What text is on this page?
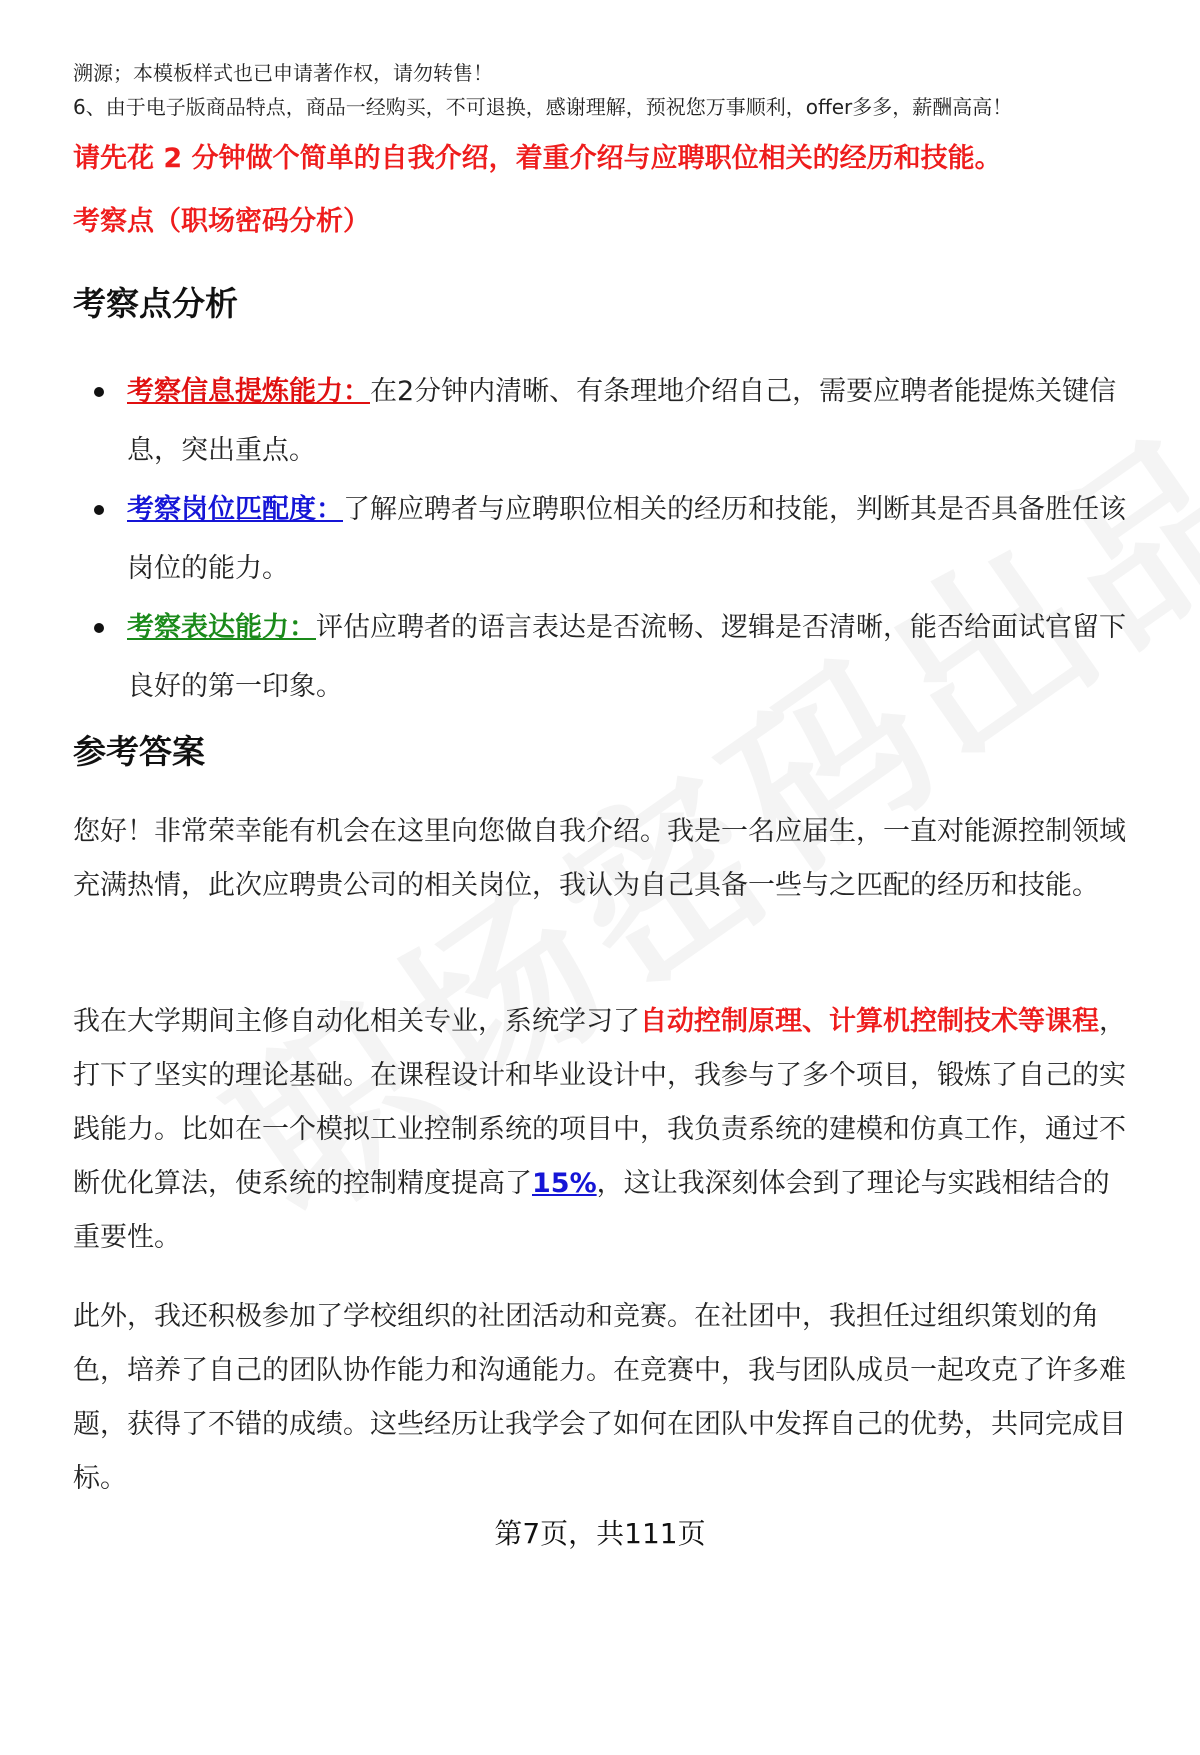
溯源；本模板样式也已申请著作权，请勿转售！
6、由于电子版商品特点，商品一经购买，不可退换，感谢理解，预祝您万事顺利，offer多多，薪酬高高！
请先花 2 分钟做个简单的自我介绍，着重介绍与应聘职位相关的经历和技能。
考察点（职场密码分析）
考察点分析
考察信息提炼能力：在2分钟内清晰、有条理地介绍自己，需要应聘者能提炼关键信息，突出重点。
考察岗位匹配度：了解应聘者与应聘职位相关的经历和技能，判断其是否具备胜任该岗位的能力。
考察表达能力：评估应聘者的语言表达是否流畅、逻辑是否清晰，能否给面试官留下良好的第一印象。
参考答案

您好！非常荣幸能有机会在这里向您做自我介绍。我是一名应届生，一直对能源控制领域充满热情，此次应聘贵公司的相关岗位，我认为自己具备一些与之匹配的经历和技能。

我在大学期间主修自动化相关专业，系统学习了自动控制原理、计算机控制技术等课程，打下了坚实的理论基础。在课程设计和毕业设计中，我参与了多个项目，锻炼了自己的实践能力。比如在一个模拟工业控制系统的项目中，我负责系统的建模和仿真工作，通过不断优化算法，使系统的控制精度提高了15%，这让我深刻体会到了理论与实践相结合的重要性。

此外，我还积极参加了学校组织的社团活动和竞赛。在社团中，我担任过组织策划的角色，培养了自己的团队协作能力和沟通能力。在竞赛中，我与团队成员一起攻克了许多难题，获得了不错的成绩。这些经历让我学会了如何在团队中发挥自己的优势，共同完成目标。

第7页，共111页
